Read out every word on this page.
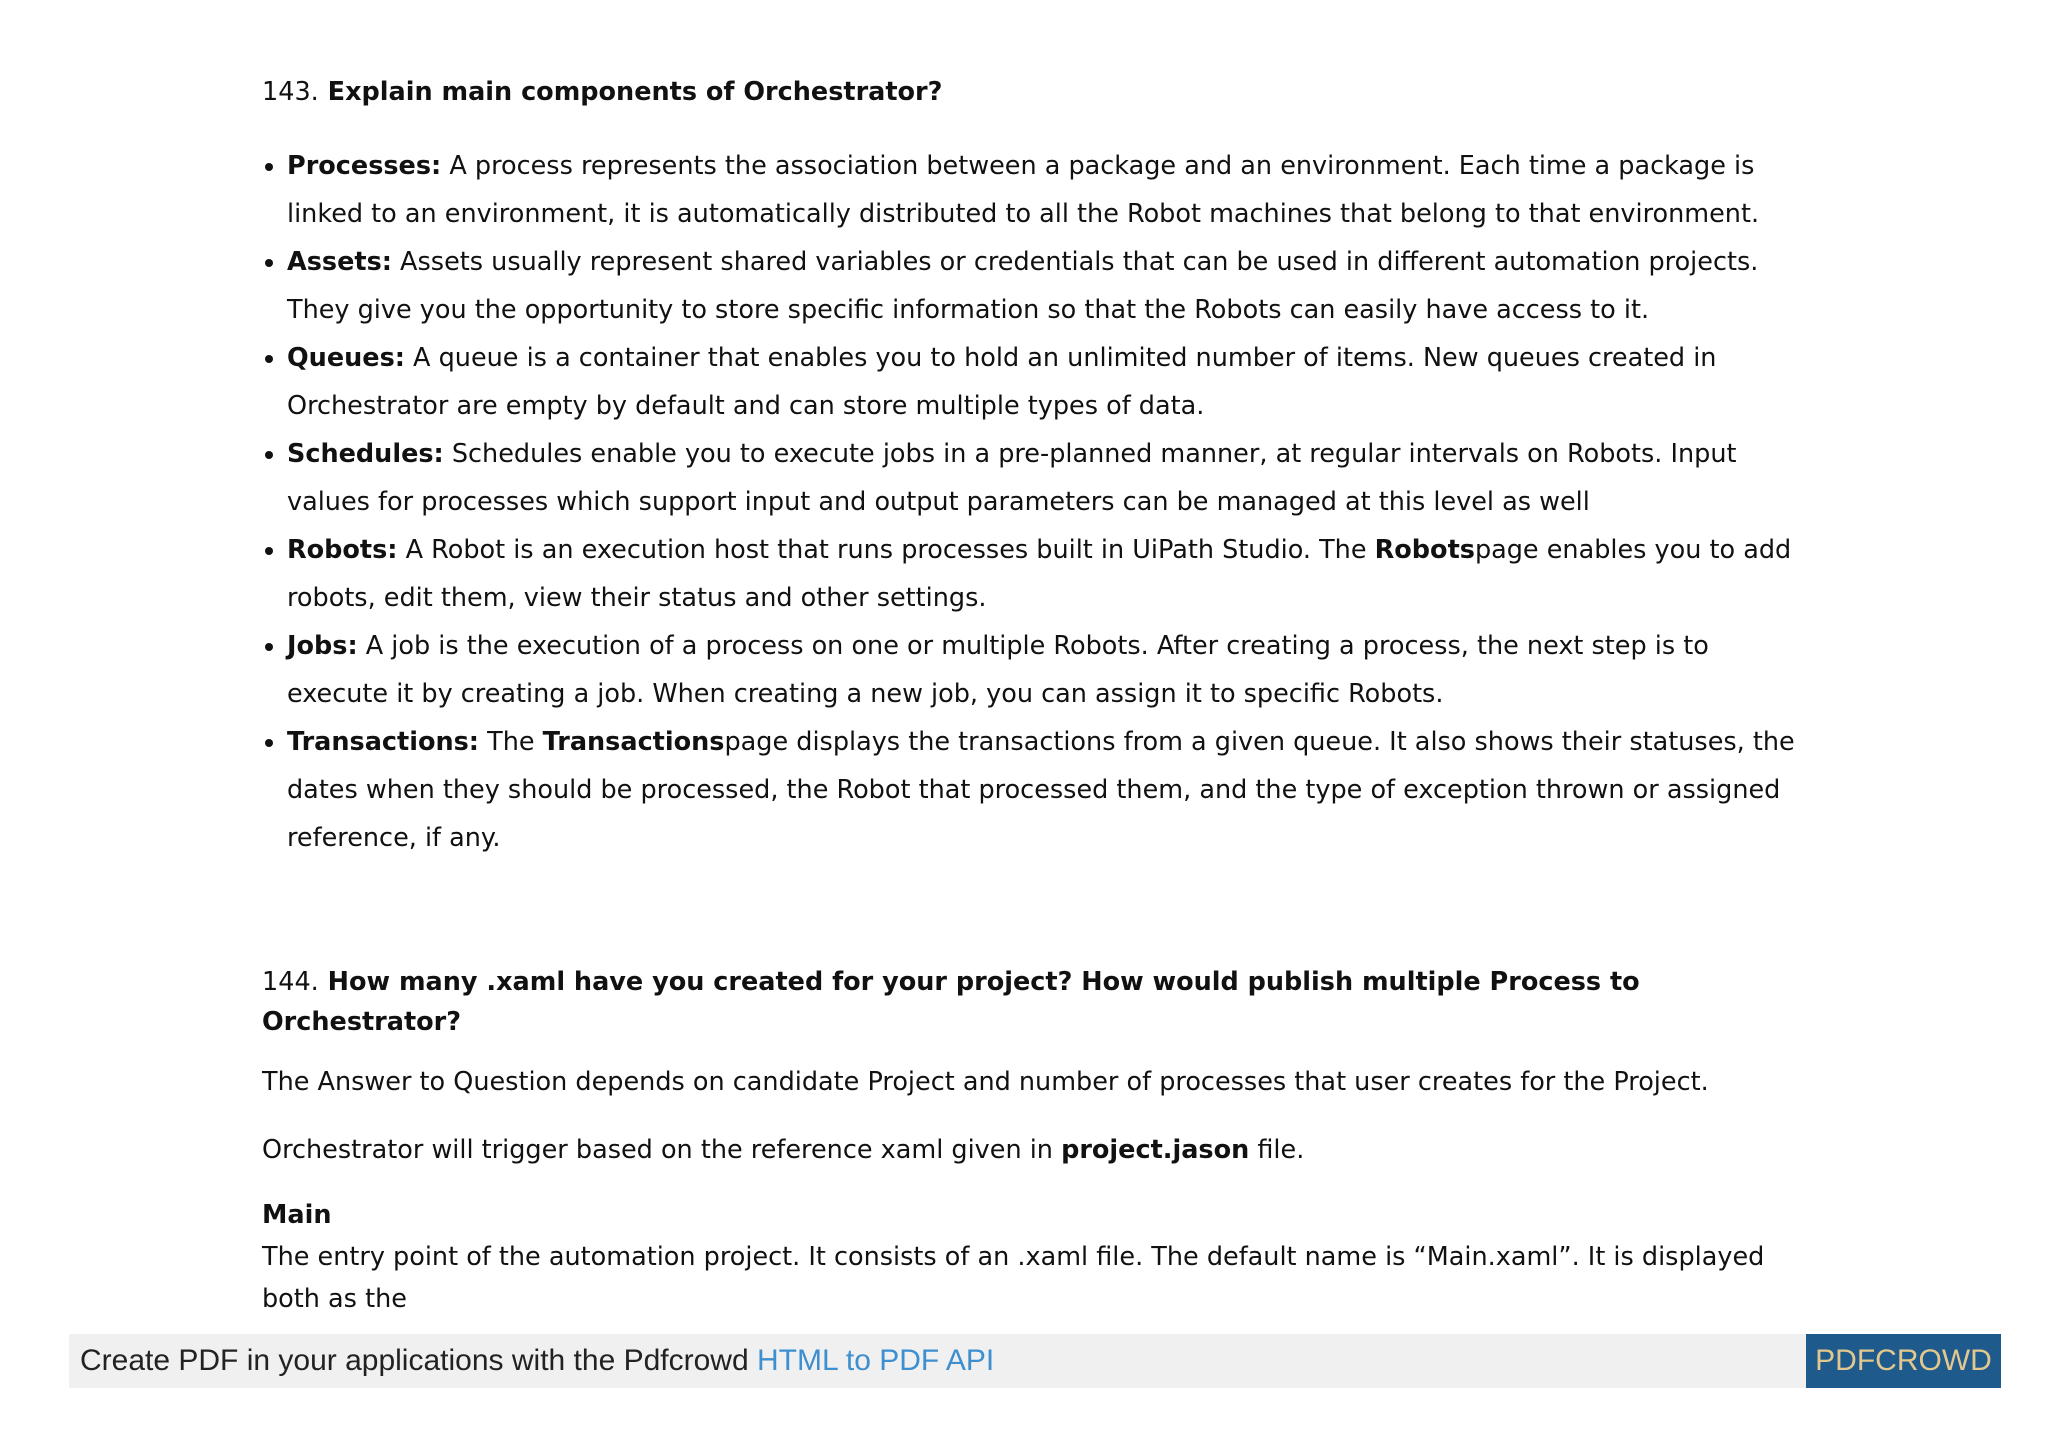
143. Explain main components of Orchestrator?
• Processes: A process represents the association between a package and an environment. Each time a package is linked to an environment, it is automatically distributed to all the Robot machines that belong to that environment.
• Assets: Assets usually represent shared variables or credentials that can be used in different automation projects. They give you the opportunity to store specific information so that the Robots can easily have access to it.
• Queues: A queue is a container that enables you to hold an unlimited number of items. New queues created in Orchestrator are empty by default and can store multiple types of data.
• Schedules: Schedules enable you to execute jobs in a pre-planned manner, at regular intervals on Robots. Input values for processes which support input and output parameters can be managed at this level as well
• Robots: A Robot is an execution host that runs processes built in UiPath Studio. The Robotspage enables you to add robots, edit them, view their status and other settings.
• Jobs: A job is the execution of a process on one or multiple Robots. After creating a process, the next step is to execute it by creating a job. When creating a new job, you can assign it to specific Robots.
• Transactions: The Transactionspage displays the transactions from a given queue. It also shows their statuses, the dates when they should be processed, the Robot that processed them, and the type of exception thrown or assigned reference, if any.
144. How many .xaml have you created for your project? How would publish multiple Process to Orchestrator?

The Answer to Question depends on candidate Project and number of processes that user creates for the Project.

Orchestrator will trigger based on the reference xaml given in project.jason file.

Main
The entry point of the automation project. It consists of an .xaml file. The default name is “Main.xaml”. It is displayed both as the
Create PDF in your applications with the Pdfcrowd HTML to PDF API	PDFCROWD
